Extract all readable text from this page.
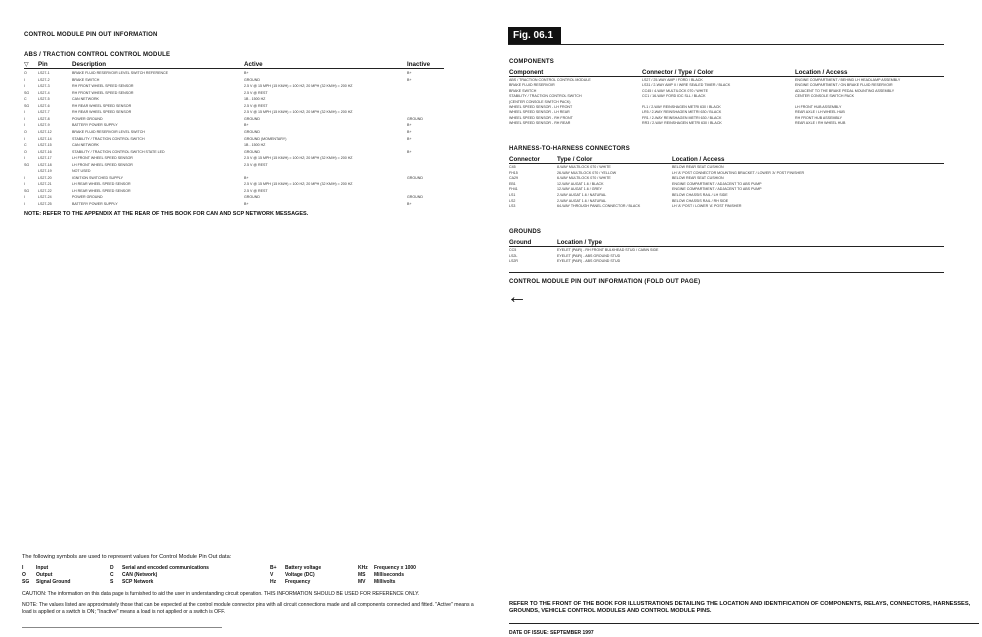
CONTROL MODULE PIN OUT INFORMATION
ABS / TRACTION CONTROL CONTROL MODULE
▽ Pin	Description	Active	Inactive
O	LS27-1	BRAKE FLUID RESERVOIR LEVEL SWITCH REFERENCE	B+	B+
I	LS27-2	BRAKE SWITCH	GROUND	B+
I	LS27-3	RH FRONT WHEEL SPEED SENSOR	2.5 V @ 15 MPH (15 KM/H) = 100 HZ; 20 MPH (32 KM/H) = 200 HZ
SG LS27-4	RH FRONT WHEEL SPEED SENSOR	2.5 V @ REST
C	LS27-5	CAN NETWORK	1B - 1500 HZ
SG LS27-6	RH REAR WHEEL SPEED SENSOR	2.5 V @ REST
I	LS27-7	RH REAR WHEEL SPEED SENSOR	2.5 V @ 15 MPH (15 KM/H) = 100 HZ; 20 MPH (32 KM/H) = 200 HZ
I	LS27-8	POWER GROUND	GROUND	GROUND
I	LS27-9	BATTERY POWER SUPPLY	B+	B+
O	LS27-12	BRAKE FLUID RESERVOIR LEVEL SWITCH	GROUND	B+
I	LS27-14	STABILITY / TRACTION CONTROL SWITCH	GROUND (MOMENTARY)	B+
C	LS27-15	CAN NETWORK	1B - 1500 HZ
O	LS27-16	STABILITY / TRACTION CONTROL SWITCH STATE LED	GROUND	B+
I	LS27-17	LH FRONT WHEEL SPEED SENSOR	2.5 V @ 15 MPH (15 KM/H) = 100 HZ; 20 MPH (32 KM/H) = 200 HZ
SG LS27-18	LH FRONT WHEEL SPEED SENSOR	2.5 V @ REST
LS27-19	NOT USED
I	LS27-20	IGNITION SWITCHED SUPPLY	B+	GROUND
I	LS27-21	LH REAR WHEEL SPEED SENSOR	2.5 V @ 15 MPH (15 KM/H) = 100 HZ; 20 MPH (32 KM/H) = 200 HZ
SG LS27-22	LH REAR WHEEL SPEED SENSOR	2.5 V @ REST
I	LS27-24	POWER GROUND	GROUND	GROUND
I	LS27-25	BATTERY POWER SUPPLY	B+	B+
NOTE: REFER TO THE APPENDIX AT THE REAR OF THIS BOOK FOR CAN AND SCP NETWORK MESSAGES.
The following symbols are used to represent values for Control Module Pin Out data:
I	Input	D Serial and encoded communications	B+ Battery voltage	KHz Frequency x 1000
O Output	C CAN (Network)	V Voltage (DC)	MS Milliseconds
SG Signal Ground	S SCP Network	Hz Frequency	MV Millivolts
CAUTION: The information on this data page is furnished to aid the user in understanding circuit operation. THIS INFORMATION SHOULD BE USED FOR REFERENCE ONLY.
NOTE: The values listed are approximately those that can be expected at the control module connector pins with all circuit connections made and all components connected and fitted. "Active" means a load is applied or a switch is ON; "Inactive" means a load is not applied or a switch is OFF.
Fig. 06.1
COMPONENTS
Component	Connector / Type / Color	Location / Access
ABS / TRACTION CONTROL CONTROL MODULE	LS27 / 25-WAY AMP / FORD / BLACK	ENGINE COMPARTMENT / BEHIND LH HEADLAMP ASSEMBLY
BRAKE FLUID RESERVOIR	LS31 / 2-WAY AMP II / WIRE SEALED TIMER / BLACK	ENGINE COMPARTMENT / ON BRAKE FLUID RESERVOIR
BRAKE SWITCH	CC45 / 4-WAY MULTILOCK 070 / WHITE	ADJACENT TO THE BRAKE PEDAL MOUNTING ASSEMBLY
STABILITY / TRACTION CONTROL SWITCH	CC1 / 16-WAY FORD IDC SLL / BLACK	CENTER CONSOLE SWITCH PACK
(CENTER CONSOLE SWITCH PACK)
WHEEL SPEED SENSOR - LH FRONT	FL1 / 2-WAY REINSHAGEN METRI 630 / BLACK	LH FRONT HUB ASSEMBLY
WHEEL SPEED SENSOR - LH REAR	LR5 / 2-WAY REINSHAGEN METRI 630 / BLACK	REAR AXLE / LH WHEEL HUB
WHEEL SPEED SENSOR - RH FRONT	FR1 / 2-WAY REINSHAGEN METRI 630 / BLACK	RH FRONT HUB ASSEMBLY
WHEEL SPEED SENSOR - RH REAR	RR3 / 2-WAY REINSHAGEN METRI 630 / BLACK	REAR AXLE / RH WHEEL HUB
HARNESS-TO-HARNESS CONNECTORS
Connector	Type / Color	Location / Access
C45	8-WAY MULTILOCK 070 / WHITE	BELOW REAR SEAT CUSHION
FH15	26-WAY MULTILOCK 070 / YELLOW	LH 'A' POST CONNECTOR MOUNTING BRACKET / LOWER 'A' POST FINISHER
CA29	6-WAY MULTILOCK 070 / WHITE	BELOW REAR SEAT CUSHION
EB1	12-WAY AUGAT 1.6 / BLACK	ENGINE COMPARTMENT / ADJACENT TO ABS PUMP
FH41	12-WAY AUGAT 1.6 / GREY	ENGINE COMPARTMENT / ADJACENT TO ABS PUMP
LS1	2-WAY AUGAT 1.6 / NATURAL	BELOW CHASSIS RAIL / LH SIDE
LS2	2-WAY AUGAT 1.6 / NATURAL	BELOW CHASSIS RAIL / RH SIDE
LS3	64-WAY THROUGH PANEL CONNECTOR / BLACK	LH 'A' POST / LOWER 'A' POST FINISHER
GROUNDS
Ground	Location / Type
CC5	EYELET (PAIR) - RH FRONT BULKHEAD STUD / CABIN SIDE
LS2L	EYELET (PAIR) - ABS GROUND STUD
LS2R	EYELET (PAIR) - ABS GROUND STUD
CONTROL MODULE PIN OUT INFORMATION (FOLD OUT PAGE)
←
REFER TO THE FRONT OF THE BOOK FOR ILLUSTRATIONS DETAILING THE LOCATION AND IDENTIFICATION OF COMPONENTS, RELAYS, CONNECTORS, HARNESSES, GROUNDS, VEHICLE CONTROL MODULES AND CONTROL MODULE PINS.
DATE OF ISSUE: SEPTEMBER 1997
